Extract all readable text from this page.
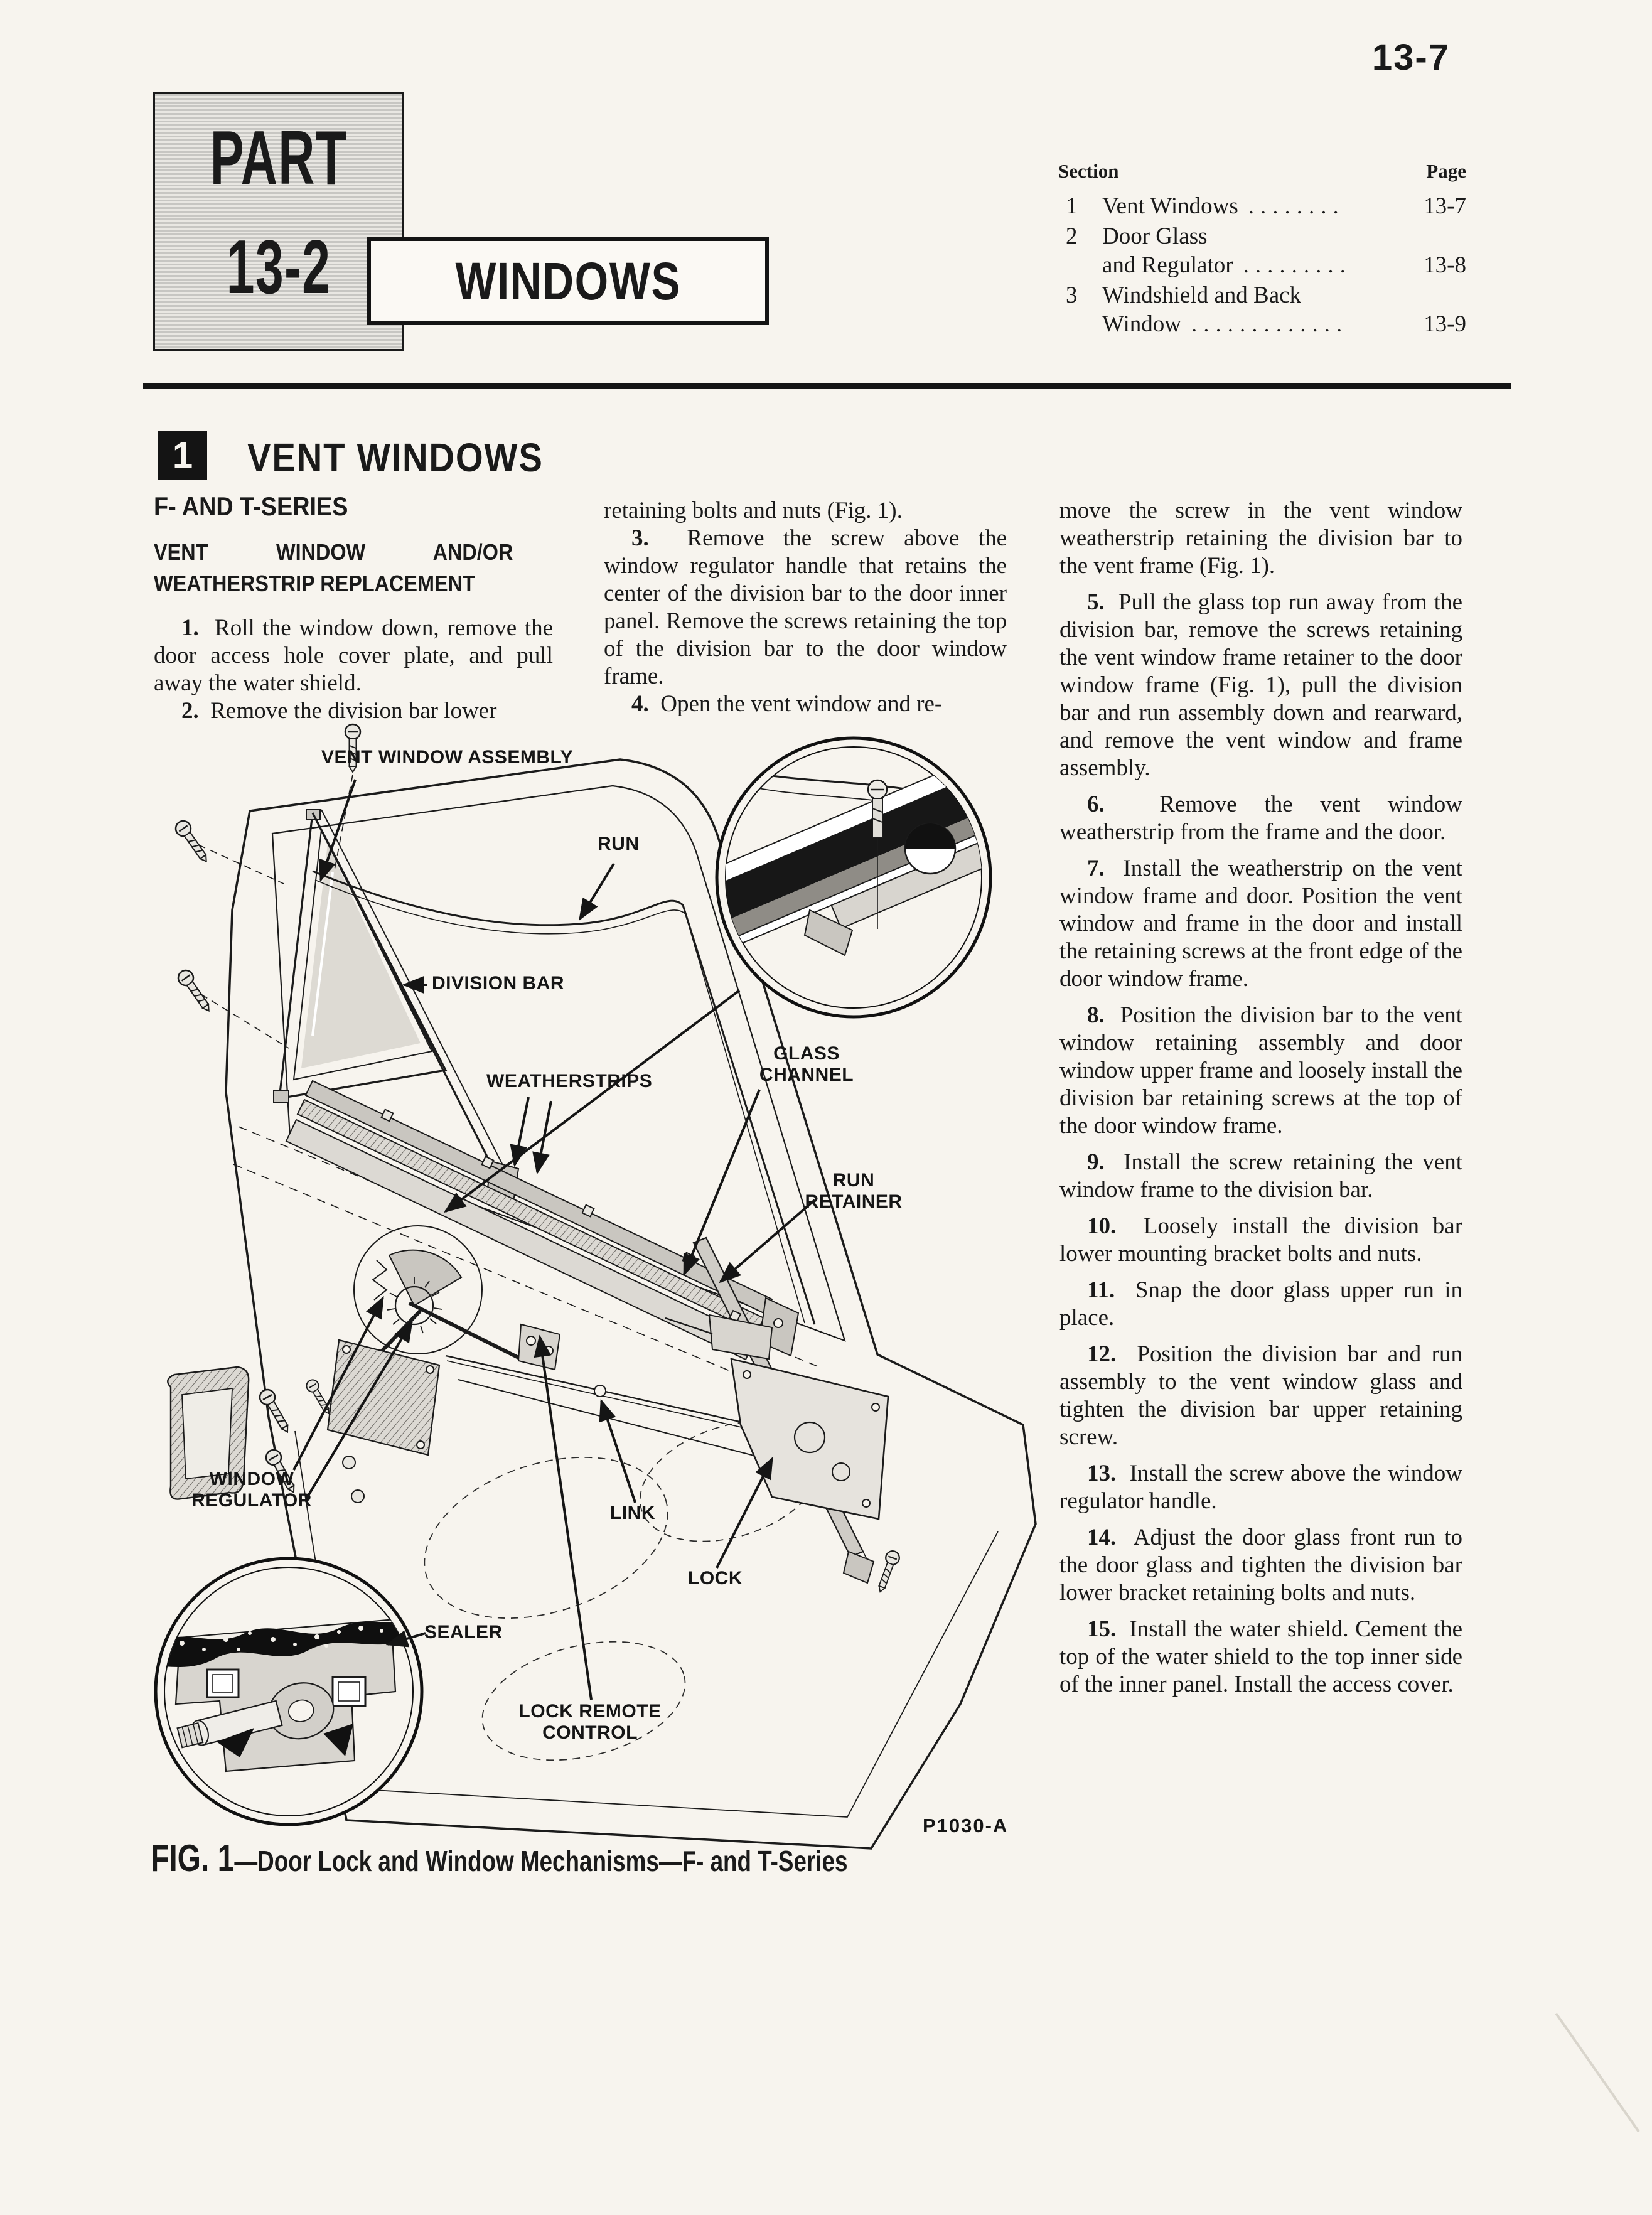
13-7
PART
13-2	WINDOWS
Section	Page
1	Vent Windows ........	13-7
2	Door Glass
and Regulator .........	13-8
3	Windshield and Back
Window .............	13-9
1 VENT WINDOWS
F- AND T-SERIES
VENT WINDOW AND/OR WEATHERSTRIP REPLACEMENT

1. Roll the window down, remove the door access hole cover plate, and pull away the water shield.

2. Remove the division bar lower

retaining bolts and nuts (Fig. 1).

3. Remove the screw above the window regulator handle that retains the center of the division bar to the door inner panel. Remove the screws retaining the top of the division bar to the door window frame.

4. Open the vent window and re-

move the screw in the vent window weatherstrip retaining the division bar to the vent frame (Fig. 1).

5. Pull the glass top run away from the division bar, remove the screws retaining the vent window frame retainer to the door window frame (Fig. 1), pull the division bar and run assembly down and rearward, and remove the vent window and frame assembly.

6. Remove the vent window weatherstrip from the frame and the door.

7. Install the weatherstrip on the vent window frame and door. Position the vent window and frame in the door and install the retaining screws at the front edge of the door window frame.

8. Position the division bar to the vent window retaining assembly and door window upper frame and loosely install the division bar retaining screws at the top of the door window frame.

9. Install the screw retaining the vent window frame to the division bar.

10. Loosely install the division bar lower mounting bracket bolts and nuts.

11. Snap the door glass upper run in place.

12. Position the division bar and run assembly to the vent window glass and tighten the division bar upper retaining screw.

13. Install the screw above the window regulator handle.

14. Adjust the door glass front run to the door glass and tighten the division bar lower bracket retaining bolts and nuts.

15. Install the water shield. Cement the top of the water shield to the top inner side of the inner panel. Install the access cover.

VENT WINDOW ASSEMBLY
RUN
DIVISION BAR
WEATHERSTRIPS
GLASS CHANNEL
RUN RETAINER
WINDOW REGULATOR
LINK
LOCK
SEALER
LOCK REMOTE CONTROL
P1030-A
FIG. 1—Door Lock and Window Mechanisms—F- and T-Series
